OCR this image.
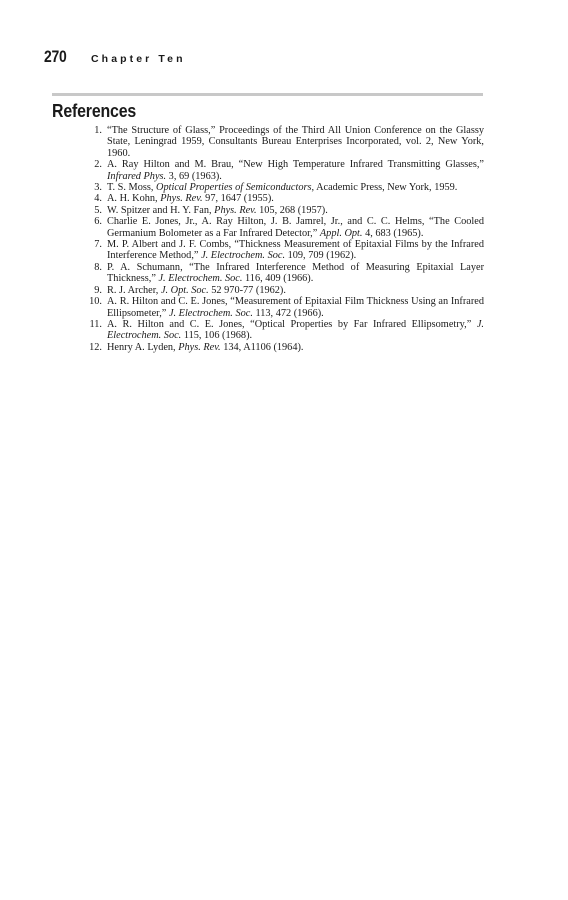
270 Chapter Ten
References
1. “The Structure of Glass,” Proceedings of the Third All Union Conference on the Glassy State, Leningrad 1959, Consultants Bureau Enterprises Incorporated, vol. 2, New York, 1960.
2. A. Ray Hilton and M. Brau, “New High Temperature Infrared Transmitting Glasses,” Infrared Phys. 3, 69 (1963).
3. T. S. Moss, Optical Properties of Semiconductors, Academic Press, New York, 1959.
4. A. H. Kohn, Phys. Rev. 97, 1647 (1955).
5. W. Spitzer and H. Y. Fan, Phys. Rev. 105, 268 (1957).
6. Charlie E. Jones, Jr., A. Ray Hilton, J. B. Jamrel, Jr., and C. C. Helms, “The Cooled Germanium Bolometer as a Far Infrared Detector,” Appl. Opt. 4, 683 (1965).
7. M. P. Albert and J. F. Combs, “Thickness Measurement of Epitaxial Films by the Infrared Interference Method,” J. Electrochem. Soc. 109, 709 (1962).
8. P. A. Schumann, “The Infrared Interference Method of Measuring Epitaxial Layer Thickness,” J. Electrochem. Soc. 116, 409 (1966).
9. R. J. Archer, J. Opt. Soc. 52 970-77 (1962).
10. A. R. Hilton and C. E. Jones, “Measurement of Epitaxial Film Thickness Using an Infrared Ellipsometer,” J. Electrochem. Soc. 113, 472 (1966).
11. A. R. Hilton and C. E. Jones, “Optical Properties by Far Infrared Ellipsometry,” J. Electrochem. Soc. 115, 106 (1968).
12. Henry A. Lyden, Phys. Rev. 134, A1106 (1964).
